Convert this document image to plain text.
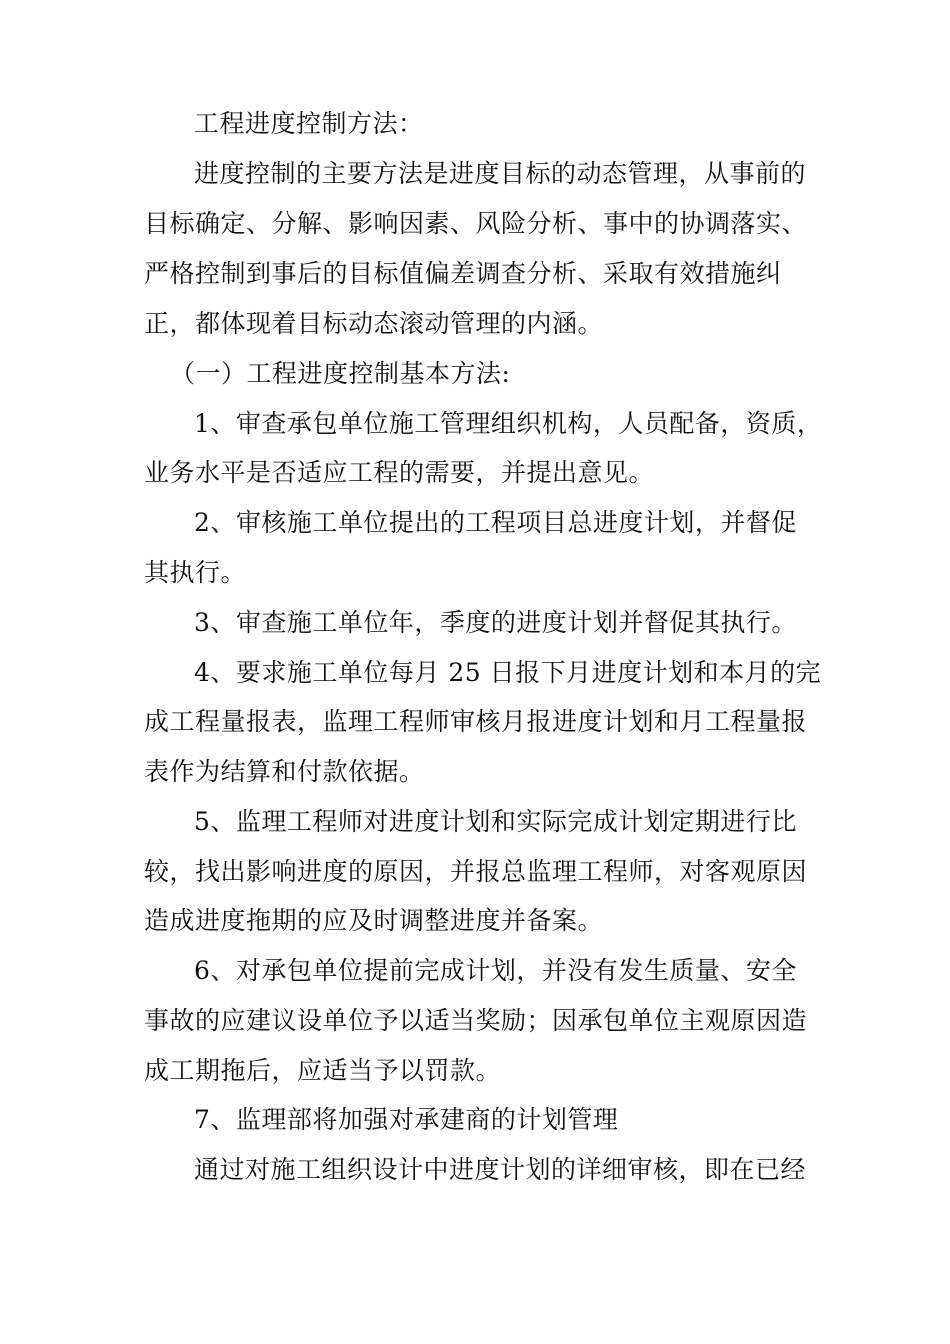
工程进度控制方法：
进度控制的主要方法是进度目标的动态管理，从事前的
目标确定、分解、影响因素、风险分析、事中的协调落实、
严格控制到事后的目标值偏差调查分析、采取有效措施纠
正，都体现着目标动态滚动管理的内涵。
（一）工程进度控制基本方法:
1、审查承包单位施工管理组织机构，人员配备，资质，
业务水平是否适应工程的需要，并提出意见。
2、审核施工单位提出的工程项目总进度计划，并督促
其执行。
3、审查施工单位年，季度的进度计划并督促其执行。
4、要求施工单位每月 25 日报下月进度计划和本月的完
成工程量报表，监理工程师审核月报进度计划和月工程量报
表作为结算和付款依据。
5、监理工程师对进度计划和实际完成计划定期进行比
较，找出影响进度的原因，并报总监理工程师，对客观原因
造成进度拖期的应及时调整进度并备案。
6、对承包单位提前完成计划，并没有发生质量、安全
事故的应建议设单位予以适当奖励；因承包单位主观原因造
成工期拖后，应适当予以罚款。
7、监理部将加强对承建商的计划管理
通过对施工组织设计中进度计划的详细审核，即在已经
